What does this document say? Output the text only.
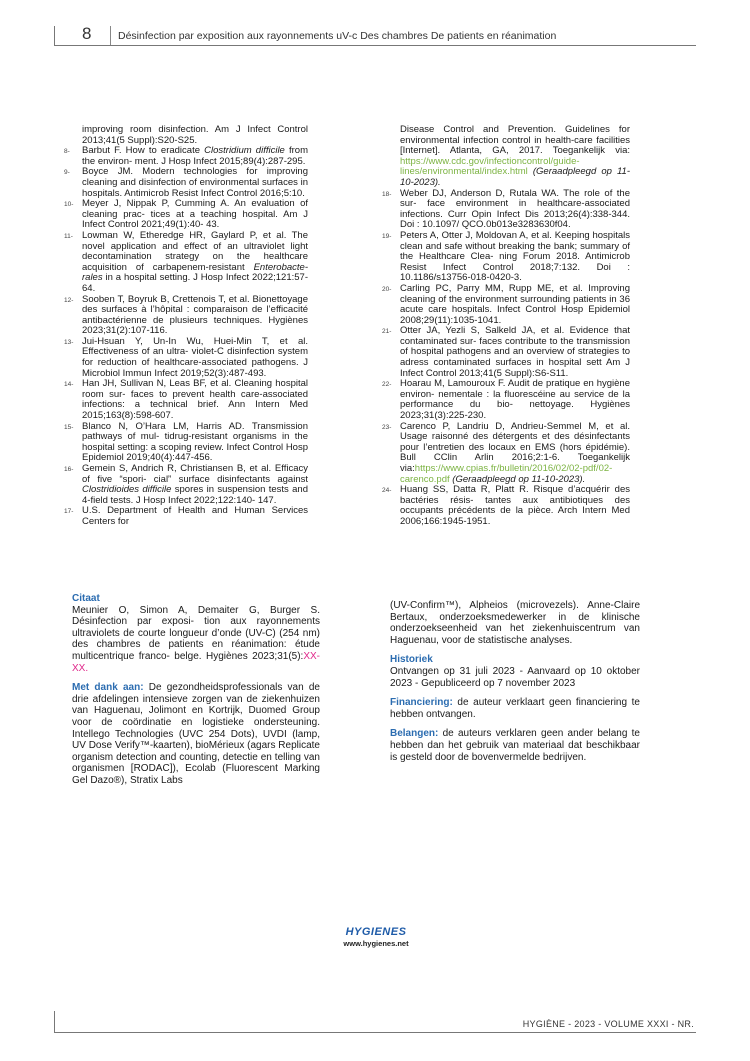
8	Désinfection par exposition aux rayonnements uV-c Des chambres De patients en réanimation
improving room disinfection. Am J Infect Control 2013;41(5 Suppl):S20-S25.
8- Barbut F. How to eradicate Clostridium difficile from the environ- ment. J Hosp Infect 2015;89(4):287-295.
9- Boyce JM. Modern technologies for improving cleaning and disinfection of environmental surfaces in hospitals. Antimicrob Resist Infect Control 2016;5:10.
10- Meyer J, Nippak P, Cumming A. An evaluation of cleaning prac- tices at a teaching hospital. Am J Infect Control 2021;49(1):40- 43.
11- Lowman W, Etheredge HR, Gaylard P, et al. The novel application and effect of an ultraviolet light decontamination strategy on the healthcare acquisition of carbapenem-resistant Enterobacte- rales in a hospital setting. J Hosp Infect 2022;121:57-64.
12- Sooben T, Boyruk B, Crettenois T, et al. Bionettoyage des surfaces à l’hôpital : comparaison de l’efficacité antibactérienne de plusieurs techniques. Hygiènes 2023;31(2):107-116.
13- Jui-Hsuan Y, Un-In Wu, Huei-Min T, et al. Effectiveness of an ultra- violet-C disinfection system for reduction of healthcare-associated pathogens. J Microbiol Immun Infect 2019;52(3):487-493.
14- Han JH, Sullivan N, Leas BF, et al. Cleaning hospital room sur- faces to prevent health care-associated infections: a technical brief. Ann Intern Med 2015;163(8):598-607.
15- Blanco N, O’Hara LM, Harris AD. Transmission pathways of mul- tidrug-resistant organisms in the hospital setting: a scoping review. Infect Control Hosp Epidemiol 2019;40(4):447-456.
16- Gemein S, Andrich R, Christiansen B, et al. Efficacy of five “spori- cial” surface disinfectants against Clostridioides difficile spores in suspension tests and 4-field tests. J Hosp Infect 2022;122:140- 147.
17- U.S. Department of Health and Human Services Centers for
Disease Control and Prevention. Guidelines for environmental infection control in health-care facilities [Internet]. Atlanta, GA, 2017. Toegankelijk via: https://www.cdc.gov/infectioncontrol/guide- lines/environmental/index.html (Geraadpleegd op 11-10-2023).
18- Weber DJ, Anderson D, Rutala WA. The role of the sur- face environment in healthcare-associated infections. Curr Opin Infect Dis 2013;26(4):338-344. Doi : 10.1097/ QCO.0b013e3283630f04.
19- Peters A, Otter J, Moldovan A, et al. Keeping hospitals clean and safe without breaking the bank; summary of the Healthcare Clea- ning Forum 2018. Antimicrob Resist Infect Control 2018;7:132. Doi : 10.1186/s13756-018-0420-3.
20- Carling PC, Parry MM, Rupp ME, et al. Improving cleaning of the environment surrounding patients in 36 acute care hospitals. Infect Control Hosp Epidemiol 2008;29(11):1035-1041.
21- Otter JA, Yezli S, Salkeld JA, et al. Evidence that contaminated sur- faces contribute to the transmission of hospital pathogens and an overview of strategies to adress contaminated surfaces in hospital sett Am J Infect Control 2013;41(5 Suppl):S6-S11.
22- Hoarau M, Lamouroux F. Audit de pratique en hygiène environ- nementale : la fluorescéine au service de la performance du bio- nettoyage. Hygiènes 2023;31(3):225-230.
23- Carenco P, Landriu D, Andrieu-Semmel M, et al. Usage raisonné des détergents et des désinfectants pour l’entretien des locaux en EMS (hors épidémie). Bull CClin Arlin 2016;2:1-6. Toegankelijk via:https://www.cpias.fr/bulletin/2016/02/02-pdf/02- carenco.pdf (Geraadpleegd op 11-10-2023).
24- Huang SS, Datta R, Platt R. Risque d’acquérir des bactéries résis- tantes aux antibiotiques des occupants précédents de la pièce. Arch Intern Med 2006;166:1945-1951.
Citaat
Meunier O, Simon A, Demaiter G, Burger S. Désinfection par exposi- tion aux rayonnements ultraviolets de courte longueur d’onde (UV-C) (254 nm) des chambres de patients en réanimation: étude multicentrique franco- belge. Hygiènes 2023;31(5):XX-XX.
Met dank aan: De gezondheidsprofessionals van de drie afdelingen intensieve zorgen van de ziekenhuizen van Haguenau, Jolimont en Kortrijk, Duomed Group voor de coördinatie en logistieke ondersteuning. Intellego Technologies (UVC 254 Dots), UVDI (lamp, UV Dose Verify™-kaarten), bioMérieux (agars Replicate organism detection and counting, detectie en telling van organismen [RODAC]), Ecolab (Fluorescent Marking Gel Dazo®), Stratix Labs
(UV-Confirm™), Alpheios (microvezels). Anne-Claire Bertaux, onderzoeksmedewerker in de klinische onderzoekseenheid van het ziekenhuiscentrum van Haguenau, voor de statistische analyses.
Historiek
Ontvangen op 31 juli 2023 - Aanvaard op 10 oktober 2023 - Gepubliceerd op 7 november 2023
Financiering: de auteur verklaart geen financiering te hebben ontvangen.
Belangen: de auteurs verklaren geen ander belang te hebben dan het gebruik van materiaal dat beschikbaar is gesteld door de bovenvermelde bedrijven.
HYGIENES
www.hygienes.net
HYGIÈNE - 2023 - VOLUME XXXI - NR.
